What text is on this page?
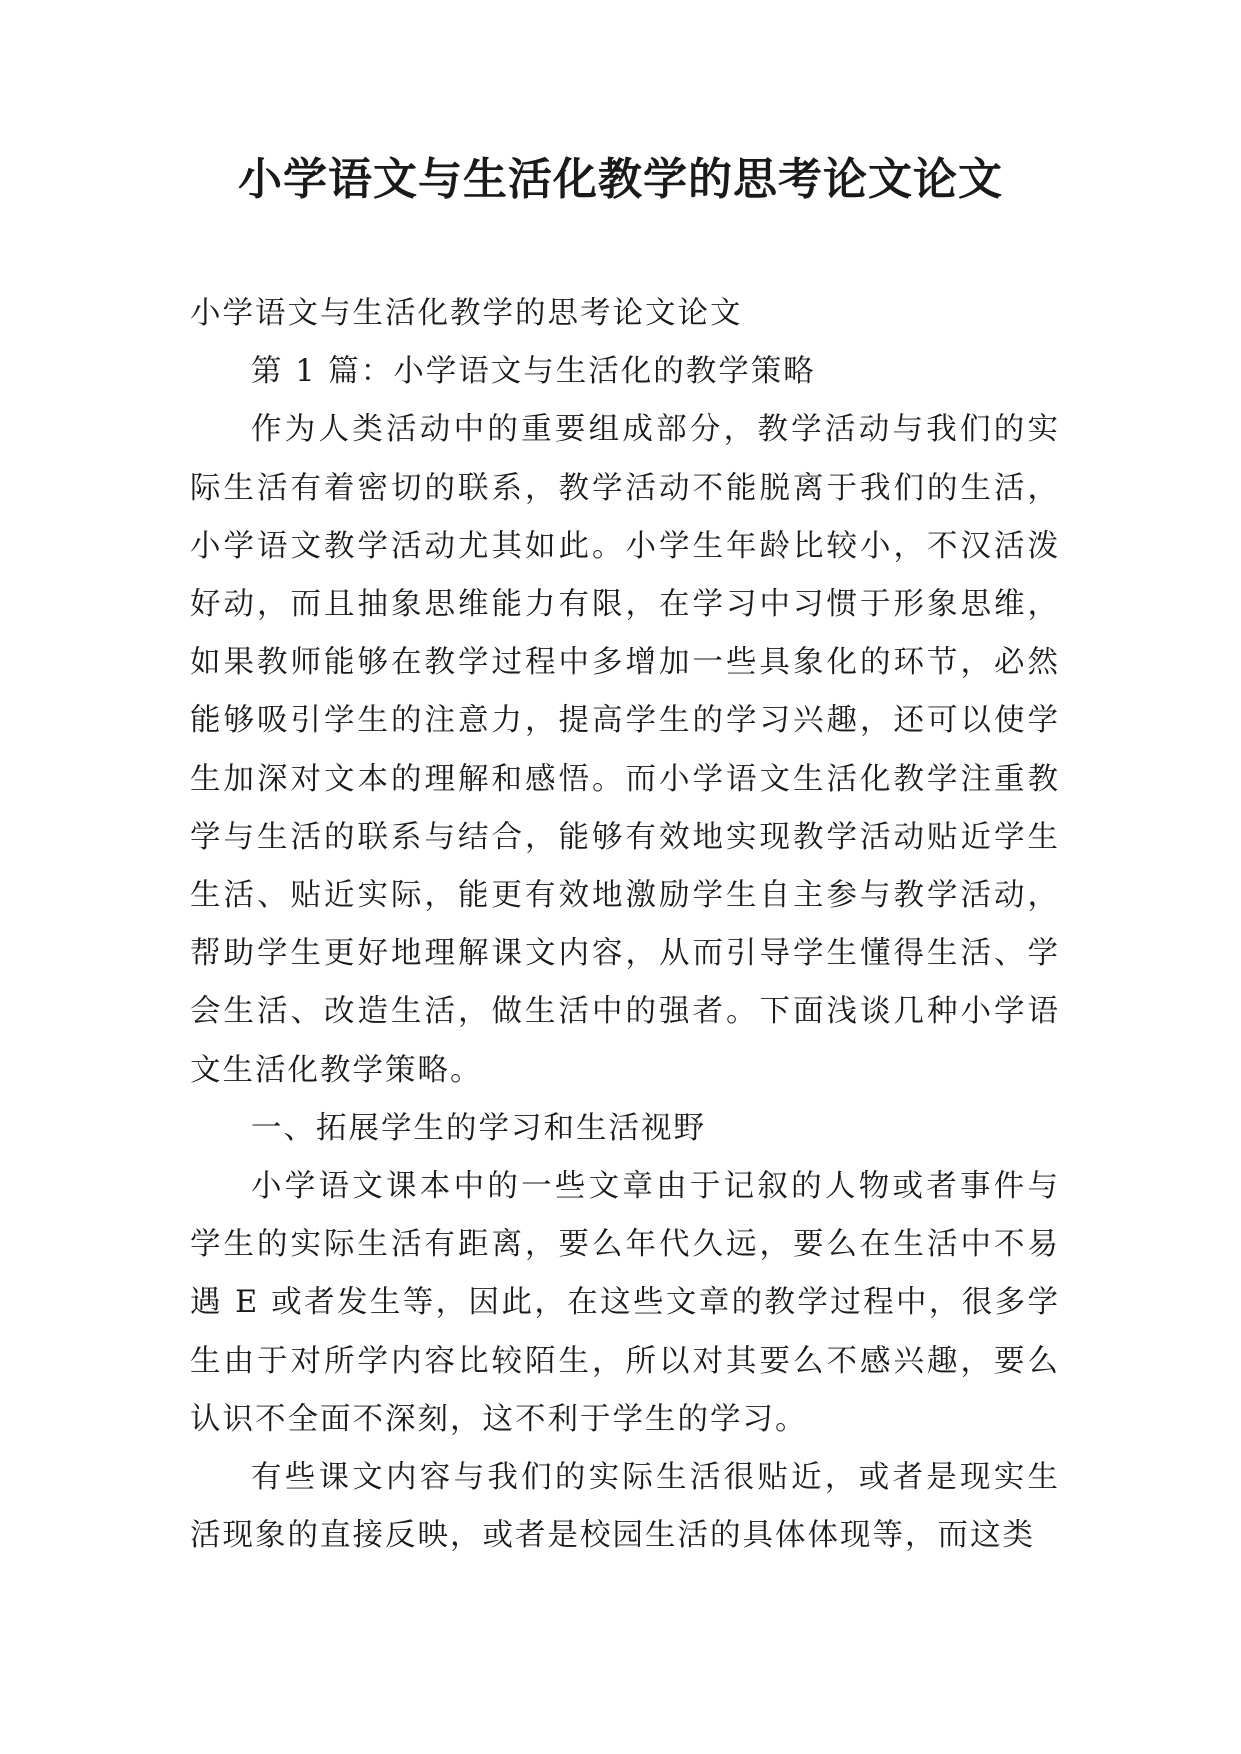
小学语文与生活化教学的思考论文论文

小学语文与生活化教学的思考论文论文

第 1 篇：小学语文与生活化的教学策略

作为人类活动中的重要组成部分，教学活动与我们的实际生活有着密切的联系，教学活动不能脱离于我们的生活，小学语文教学活动尤其如此。小学生年龄比较小，不汉活泼好动，而且抽象思维能力有限，在学习中习惯于形象思维，如果教师能够在教学过程中多增加一些具象化的环节，必然能够吸引学生的注意力，提高学生的学习兴趣，还可以使学生加深对文本的理解和感悟。而小学语文生活化教学注重教学与生活的联系与结合，能够有效地实现教学活动贴近学生生活、贴近实际，能更有效地激励学生自主参与教学活动，帮助学生更好地理解课文内容，从而引导学生懂得生活、学会生活、改造生活，做生活中的强者。下面浅谈几种小学语文生活化教学策略。

一、拓展学生的学习和生活视野

小学语文课本中的一些文章由于记叙的人物或者事件与学生的实际生活有距离，要么年代久远，要么在生活中不易遇 E 或者发生等，因此，在这些文章的教学过程中，很多学生由于对所学内容比较陌生，所以对其要么不感兴趣，要么认识不全面不深刻，这不利于学生的学习。

有些课文内容与我们的实际生活很贴近，或者是现实生活现象的直接反映，或者是校园生活的具体体现等，而这类
